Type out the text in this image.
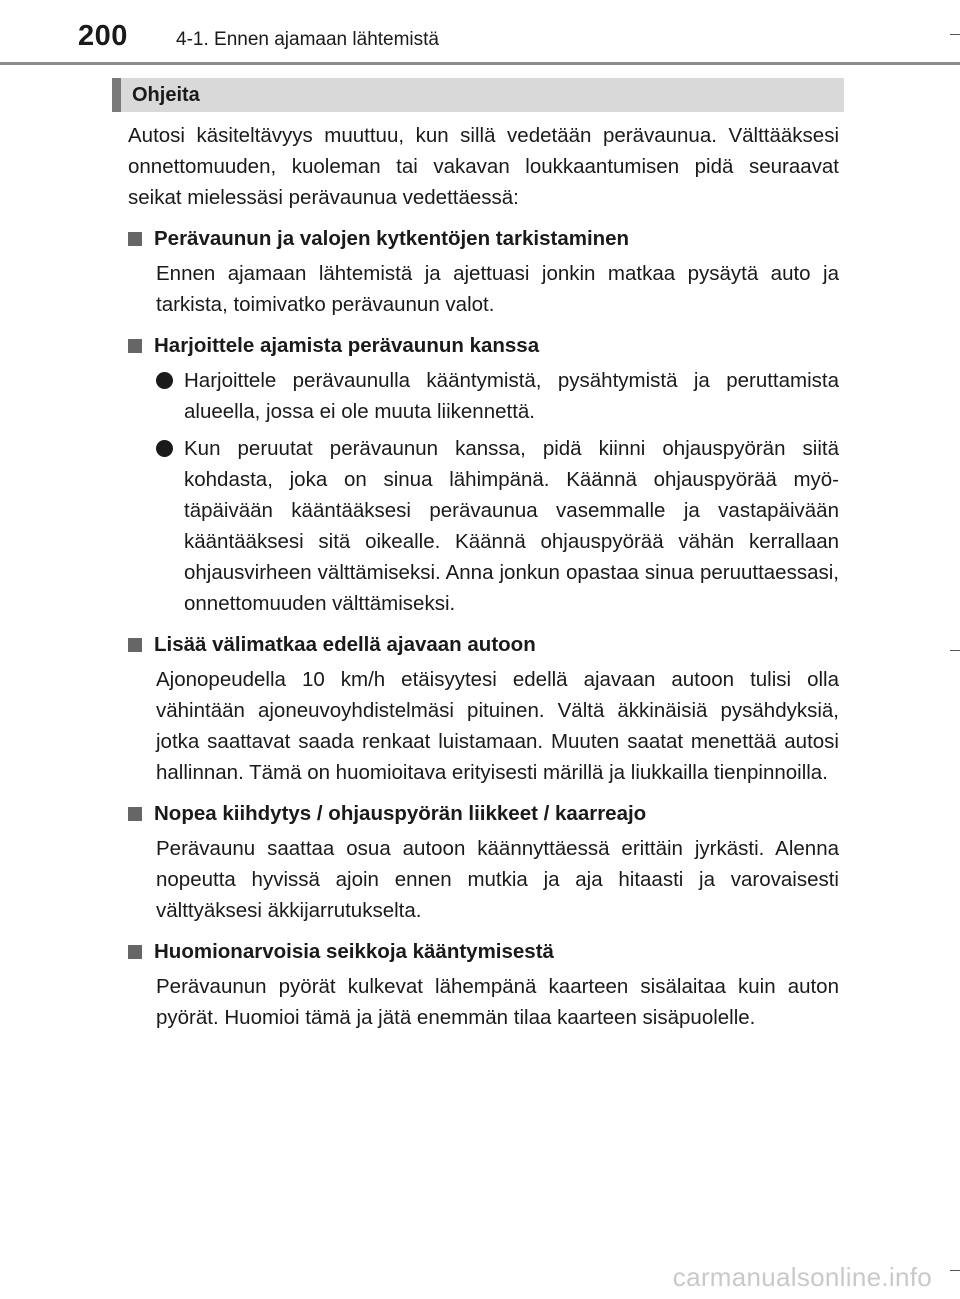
200	4-1. Ennen ajamaan lähtemistä
Ohjeita

Autosi käsiteltävyys muuttuu, kun sillä vedetään perävaunua. Välttääksesi onnettomuuden, kuoleman tai vakavan loukkaantumisen pidä seuraavat seikat mielessäsi perävaunua vedettäessä:

Perävaunun ja valojen kytkentöjen tarkistaminen

Ennen ajamaan lähtemistä ja ajettuasi jonkin matkaa pysäytä auto ja tarkista, toimivatko perävaunun valot.

Harjoittele ajamista perävaunun kanssa

Harjoittele perävaunulla kääntymistä, pysähtymistä ja peruttamista alueella, jossa ei ole muuta liikennettä.

Kun peruutat perävaunun kanssa, pidä kiinni ohjauspyörän siitä kohdasta, joka on sinua lähimpänä. Käännä ohjauspyörää myötäpäivään kääntääksesi perävaunua vasemmalle ja vastapäivään kääntääksesi sitä oikealle. Käännä ohjauspyörää vähän kerrallaan ohjausvirheen välttämiseksi. Anna jonkun opastaa sinua peruuttaessasi, onnettomuuden välttämiseksi.

Lisää välimatkaa edellä ajavaan autoon

Ajonopeudella 10 km/h etäisyytesi edellä ajavaan autoon tulisi olla vähintään ajoneuvoyhdistelmäsi pituinen. Vältä äkkinäisiä pysähdyksiä, jotka saattavat saada renkaat luistamaan. Muuten saatat menettää autosi hallinnan. Tämä on huomioitava erityisesti märillä ja liukkailla tienpinnoilla.

Nopea kiihdytys / ohjauspyörän liikkeet / kaarreajo

Perävaunu saattaa osua autoon käännyttäessä erittäin jyrkästi. Alenna nopeutta hyvissä ajoin ennen mutkia ja aja hitaasti ja varovaisesti välttyäksesi äkkijarrutukselta.

Huomionarvoisia seikkoja kääntymisestä

Perävaunun pyörät kulkevat lähempänä kaarteen sisälaitaa kuin auton pyörät. Huomioi tämä ja jätä enemmän tilaa kaarteen sisäpuolelle.

carmanualsonline.info
